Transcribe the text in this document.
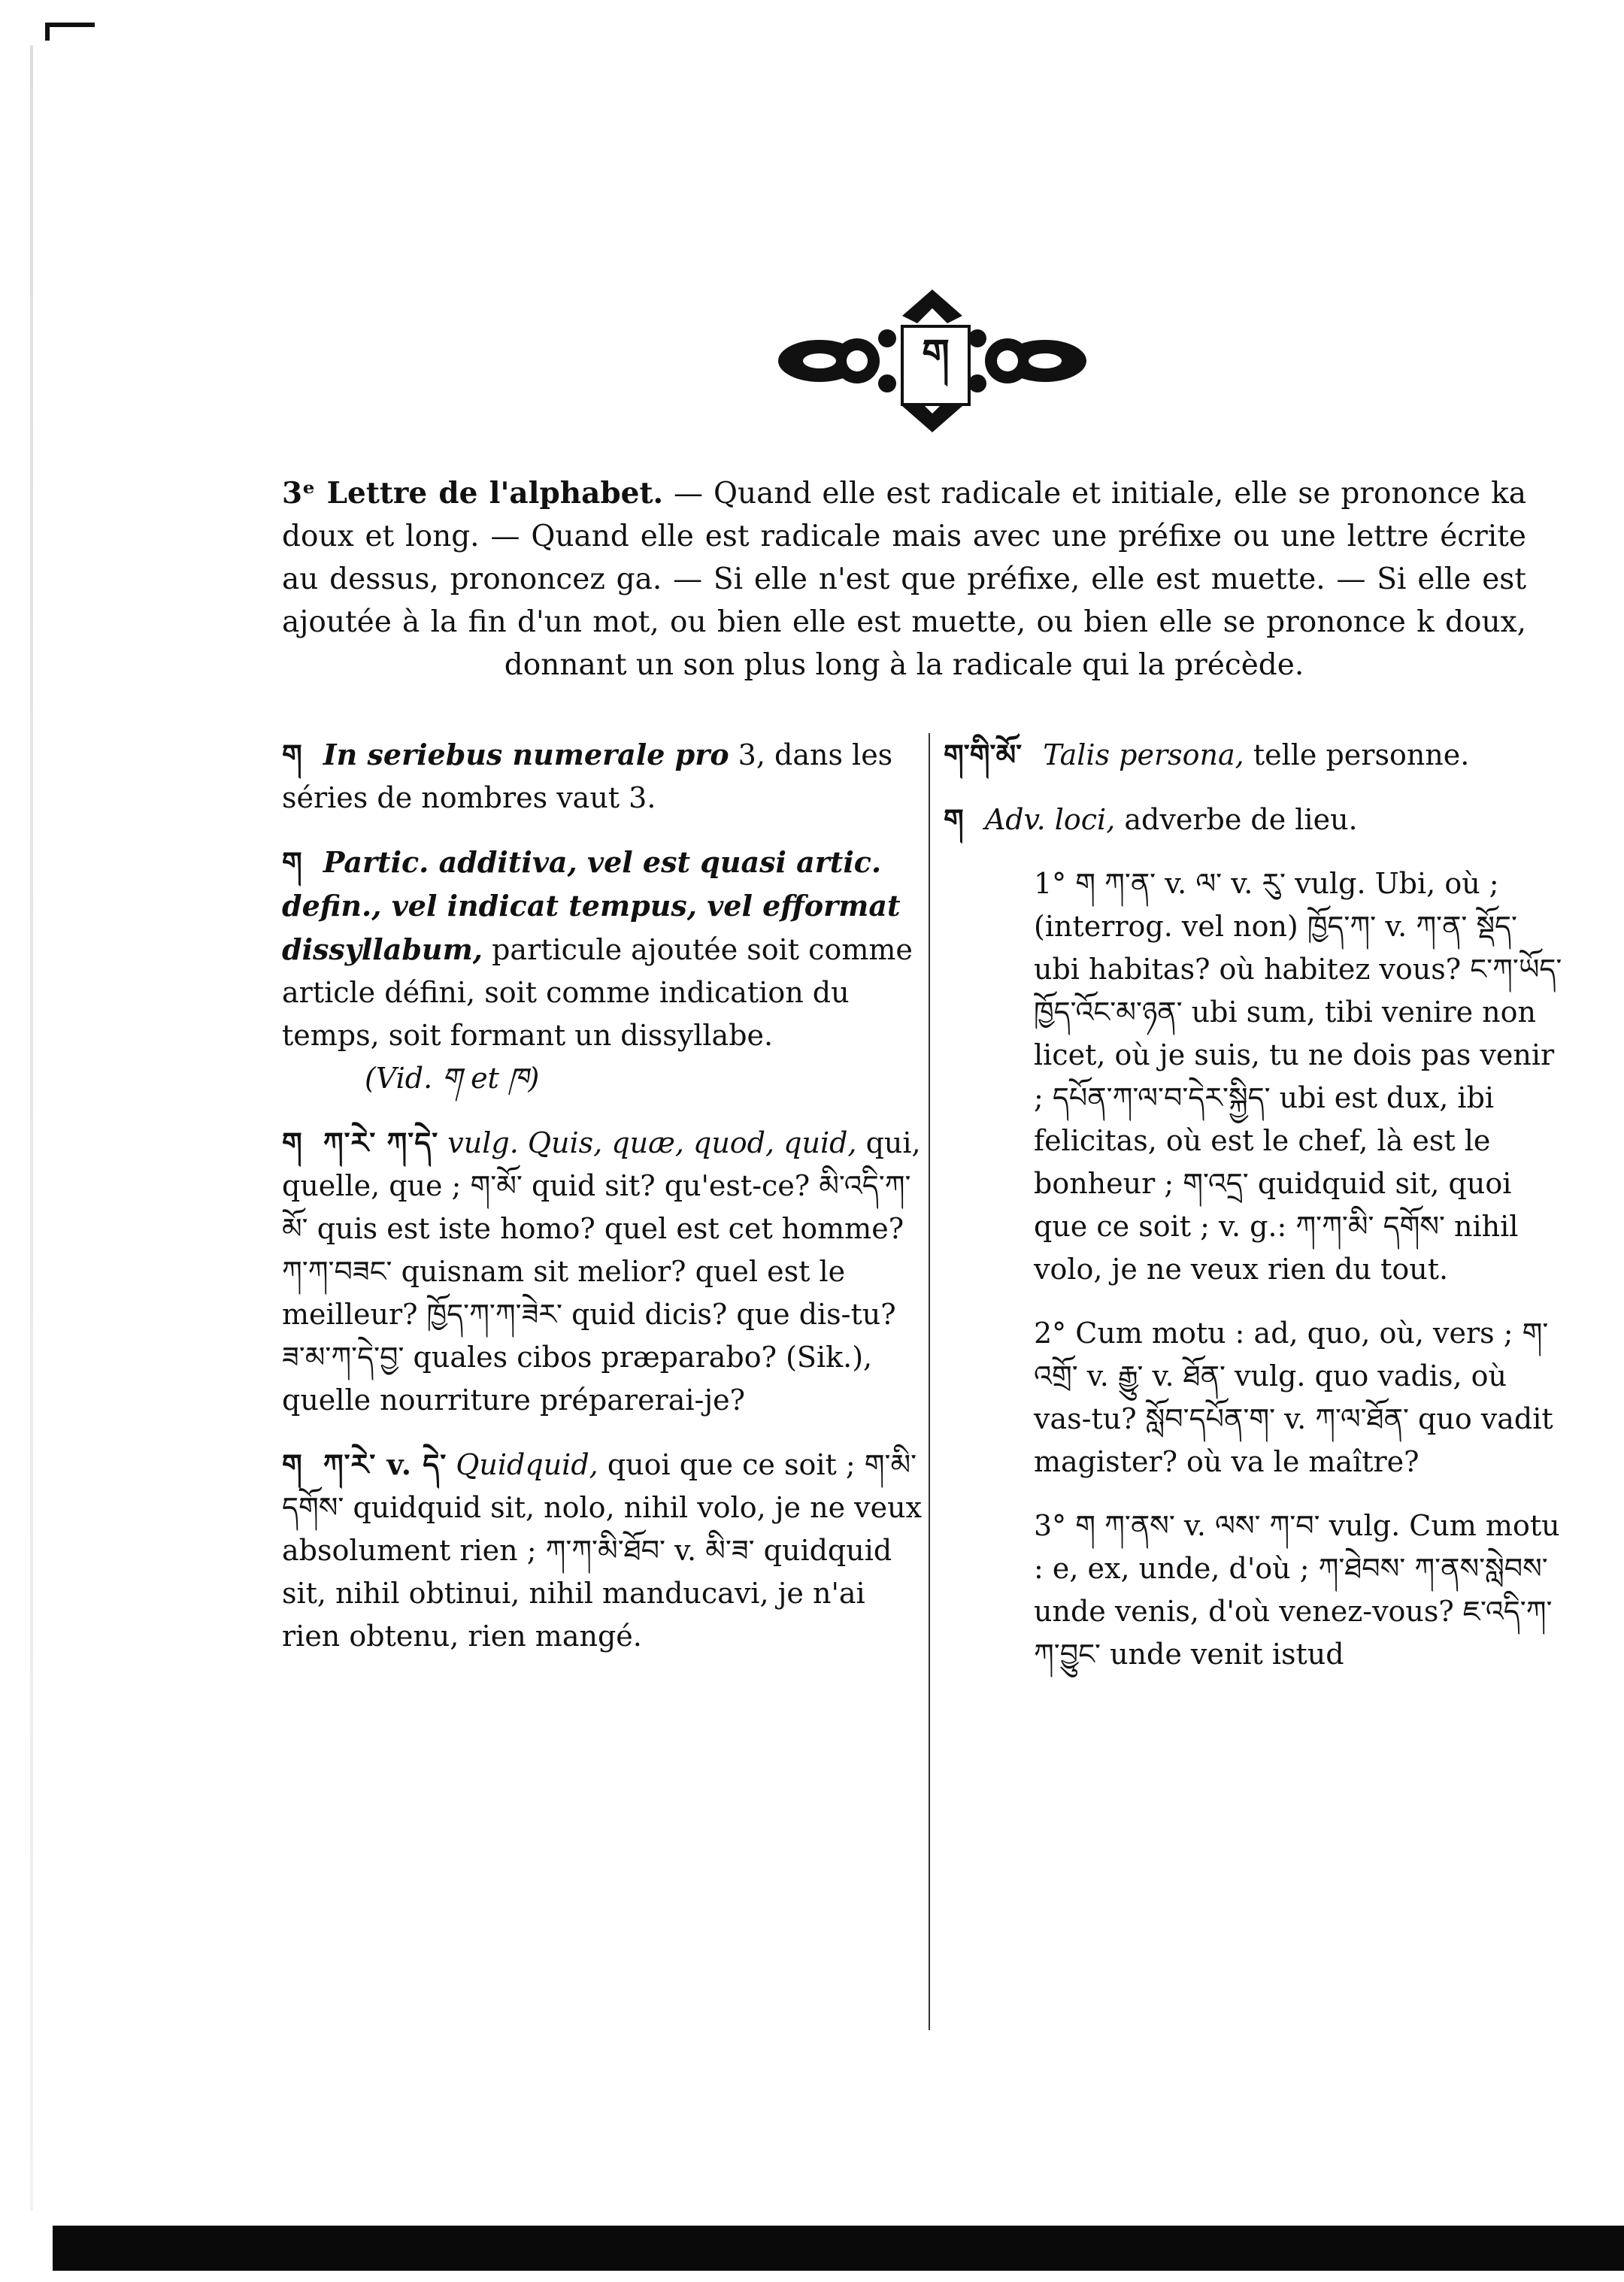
ག
3ᵉ Lettre de l'alphabet. — Quand elle est radicale et initiale, elle se prononce ka doux et long. — Quand elle est radicale mais avec une préfixe ou une lettre écrite au dessus, prononcez ga. — Si elle n'est que préfixe, elle est muette. — Si elle est ajoutée à la fin d'un mot, ou bien elle est muette, ou bien elle se prononce k doux, donnant un son plus long à la radicale qui la précède.
ག In seriebus numerale pro 3, dans les séries de nombres vaut 3.
ག Partic. additiva, vel est quasi artic. defin., vel indicat tempus, vel efformat dissyllabum, particule ajoutée soit comme article défini, soit comme indication du temps, soit formant un dissyllabe.
(Vid. ག et ཁ)
ག ཀ་རེ་ ཀ་དེ་ vulg. Quis, quæ, quod, quid, qui, quelle, que ; ག་མོ་ quid sit? qu'est-ce? མི་འདི་ཀ་མོ་ quis est iste homo? quel est cet homme? ཀ་ཀ་བཟང་ quisnam sit melior? quel est le meilleur? ཁྱོད་ཀ་ཀ་ཟེར་ quid dicis? que dis-tu? ཟ་མ་ཀ་དེ་བྱ་ quales cibos præparabo? (Sik.), quelle nourriture préparerai-je?
ག ཀ་རེ་ v. དེ་ Quidquid, quoi que ce soit ; ག་མི་དགོས་ quidquid sit, nolo, nihil volo, je ne veux absolument rien ; ཀ་ཀ་མི་ཐོབ་ v. མི་ཟ་ quidquid sit, nihil obtinui, nihil manducavi, je n'ai rien obtenu, rien mangé.
ག་གི་མོ་ Talis persona, telle personne.
ག Adv. loci, adverbe de lieu.
1° ག ཀ་ན་ v. ལ་ v. རུ་ vulg. Ubi, où ; (interrog. vel non) ཁྱོད་ཀ་ v. ཀ་ན་ སྡོད་ ubi habitas? où habitez vous? ང་ཀ་ཡོད་ཁྱོད་འོང་མ་ཉན་ ubi sum, tibi venire non licet, où je suis, tu ne dois pas venir ; དཔོན་ཀ་ལ་བ་དེར་སྐྱིད་ ubi est dux, ibi felicitas, où est le chef, là est le bonheur ; ག་འདྲ་ quidquid sit, quoi que ce soit ; v. g.: ཀ་ཀ་མི་ དགོས་ nihil volo, je ne veux rien du tout.
2° Cum motu : ad, quo, où, vers ; ག་འགྲོ་ v. རྒྱུ་ v. ཐོན་ vulg. quo vadis, où vas-tu? སློབ་དཔོན་ག་ v. ཀ་ལ་ཐོན་ quo vadit magister? où va le maître?
3° ག ཀ་ནས་ v. ལས་ ཀ་བ་ vulg. Cum motu : e, ex, unde, d'où ; ཀ་ཐེབས་ ཀ་ནས་སླེབས་ unde venis, d'où venez-vous? ཇ་འདི་ཀ་ཀ་བྱུང་ unde venit istud
